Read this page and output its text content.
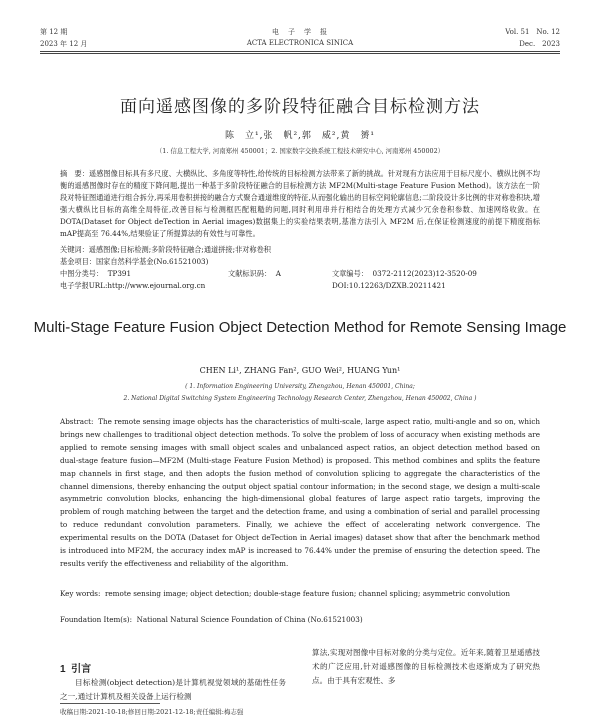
第 12 期
2023 年 12 月
电　子　学　报
ACTA ELECTRONICA SINICA
Vol. 51　No. 12
Dec.　2023
面向遥感图像的多阶段特征融合目标检测方法
陈　立¹,张　帆²,郭　威²,黄　赟¹
（1. 信息工程大学, 河南郑州 450001；2. 国家数字交换系统工程技术研究中心, 河南郑州 450002）
摘　要：遥感图像目标具有多尺度、大横纵比、多角度等特性,给传统的目标检测方法带来了新的挑战。针对现有方法应用于目标尺度小、横纵比例不均衡的遥感图像时存在的精度下降问题,提出一种基于多阶段特征融合的目标检测方法 MF2M(Multi-stage Feature Fusion Method)。该方法在一阶段对特征图通道进行组合拆分,再采用卷积拼接的融合方式聚合通道维度的特征,从而强化输出的目标空间轮廓信息;二阶段设计多比例的非对称卷积块,增强大横纵比目标的高维全局特征,改善目标与检测框匹配粗糙的问题,同时利用串并行相结合的处理方式减少冗余卷积参数、加速网络收敛。在 DOTA(Dataset for Object deTection in Aerial images)数据集上的实验结果表明,基准方法引入 MF2M 后,在保证检测速度的前提下精度指标mAP提高至 76.44%,结果验证了所提算法的有效性与可靠性。
关键词：遥感图像;目标检测;多阶段特征融合;通道拼接;非对称卷积
基金项目：国家自然科学基金(No.61521003)
中图分类号： TP391	文献标识码： A	文章编号： 0372-2112(2023)12-3520-09
电子学报URL:http://www.ejournal.org.cn	DOI:10.12263/DZXB.20211421
Multi-Stage Feature Fusion Object Detection Method for Remote Sensing Image
CHEN Li¹, ZHANG Fan², GUO Wei², HUANG Yun¹
( 1. Information Engineering University, Zhengzhou, Henan 450001, China;
2. National Digital Switching System Engineering Technology Research Center, Zhengzhou, Henan 450002, China )
Abstract: The remote sensing image objects has the characteristics of multi-scale, large aspect ratio, multi-angle and so on, which brings new challenges to traditional object detection methods. To solve the problem of loss of accuracy when existing methods are applied to remote sensing images with small object scales and unbalanced aspect ratios, an object detection method based on dual-stage feature fusion—MF2M (Multi-stage Feature Fusion Method) is proposed. This method combines and splits the feature map channels in first stage, and then adopts the fusion method of convolution splicing to aggregate the characteristics of the channel dimensions, thereby enhancing the output object spatial contour information; in the second stage, we design a multi-scale asymmetric convolution blocks, enhancing the high-dimensional global features of large aspect ratio targets, improving the problem of rough matching between the target and the detection frame, and using a combination of serial and parallel processing to reduce redundant convolution parameters. Finally, we achieve the effect of accelerating network convergence. The experimental results on the DOTA (Dataset for Object deTection in Aerial images) dataset show that after the benchmark method is introduced into MF2M, the accuracy index mAP is increased to 76.44% under the premise of ensuring the detection speed. The results verify the effectiveness and reliability of the algorithm.
Key words: remote sensing image; object detection; double-stage feature fusion; channel splicing; asymmetric convolution
Foundation Item(s): National Natural Science Foundation of China (No.61521003)
1 引言
目标检测(object detection)是计算机视觉领域的基础性任务之一,通过计算机及相关设备上运行检测
算法,实现对图像中目标对象的分类与定位。近年来,随着卫星遥感技术的广泛应用,针对遥感图像的目标检测技术也逐渐成为了研究热点。由于具有宏观性、多
收稿日期:2021-10-18;修回日期:2021-12-18;责任编辑:梅志强
